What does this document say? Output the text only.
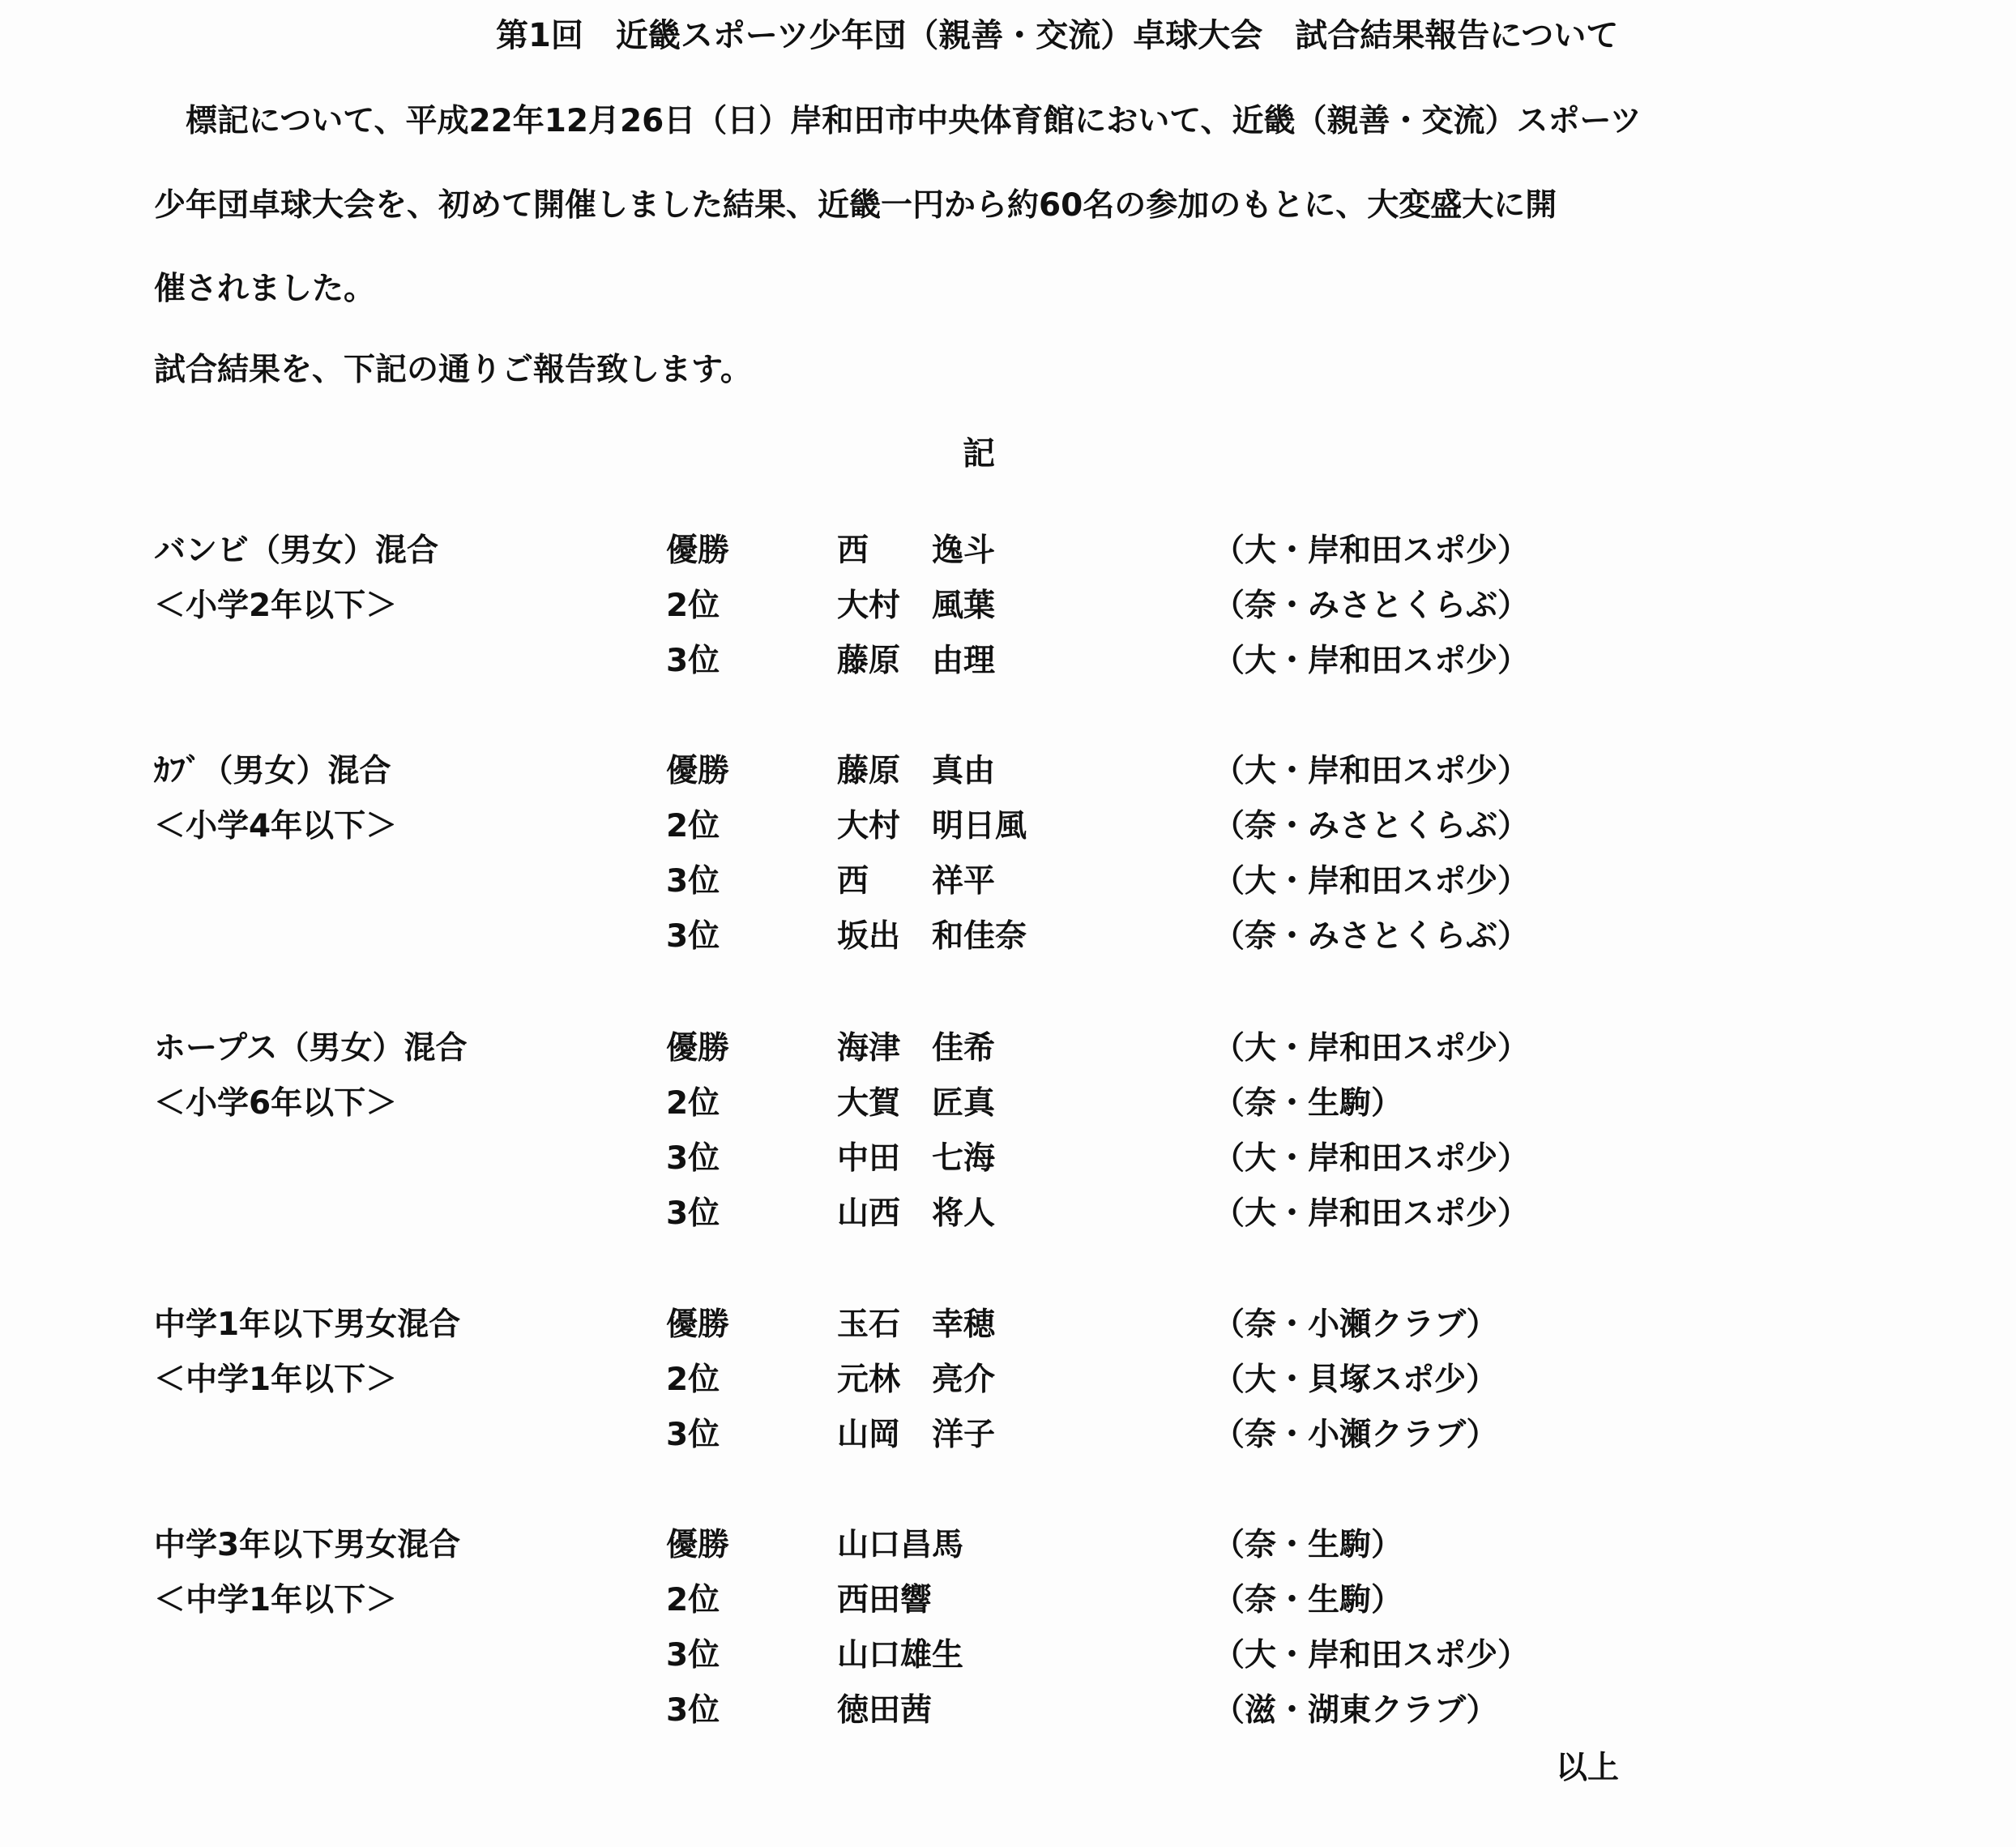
第1回　近畿スポーツ少年団（親善・交流）卓球大会　試合結果報告について
　標記について、平成22年12月26日（日）岸和田市中央体育館において、近畿（親善・交流）スポーツ
少年団卓球大会を、初めて開催しました結果、近畿一円から約60名の参加のもとに、大変盛大に開
催されました。
試合結果を、下記の通りご報告致します。
記
バンビ（男女）混合
＜小学2年以下＞
優勝	西　　逸斗	（大・岸和田スポ少）
2位	大村　風葉	（奈・みさとくらぶ）
3位	藤原　由理	（大・岸和田スポ少）
ｶﾌﾞ（男女）混合
＜小学4年以下＞
優勝	藤原　真由	（大・岸和田スポ少）
2位	大村　明日風	（奈・みさとくらぶ）
3位	西　　祥平	（大・岸和田スポ少）
3位	坂出　和佳奈	（奈・みさとくらぶ）
ホープス（男女）混合
＜小学6年以下＞
優勝	海津　佳希	（大・岸和田スポ少）
2位	大賀　匠真	（奈・生駒）
3位	中田　七海	（大・岸和田スポ少）
3位	山西　将人	（大・岸和田スポ少）
中学1年以下男女混合
＜中学1年以下＞
優勝	玉石　幸穂	（奈・小瀬クラブ）
2位	元林　亮介	（大・貝塚スポ少）
3位	山岡　洋子	（奈・小瀬クラブ）
中学3年以下男女混合
＜中学1年以下＞
優勝	山口昌馬	（奈・生駒）
2位	西田響	（奈・生駒）
3位	山口雄生	（大・岸和田スポ少）
3位	徳田茜	（滋・湖東クラブ）
以上
